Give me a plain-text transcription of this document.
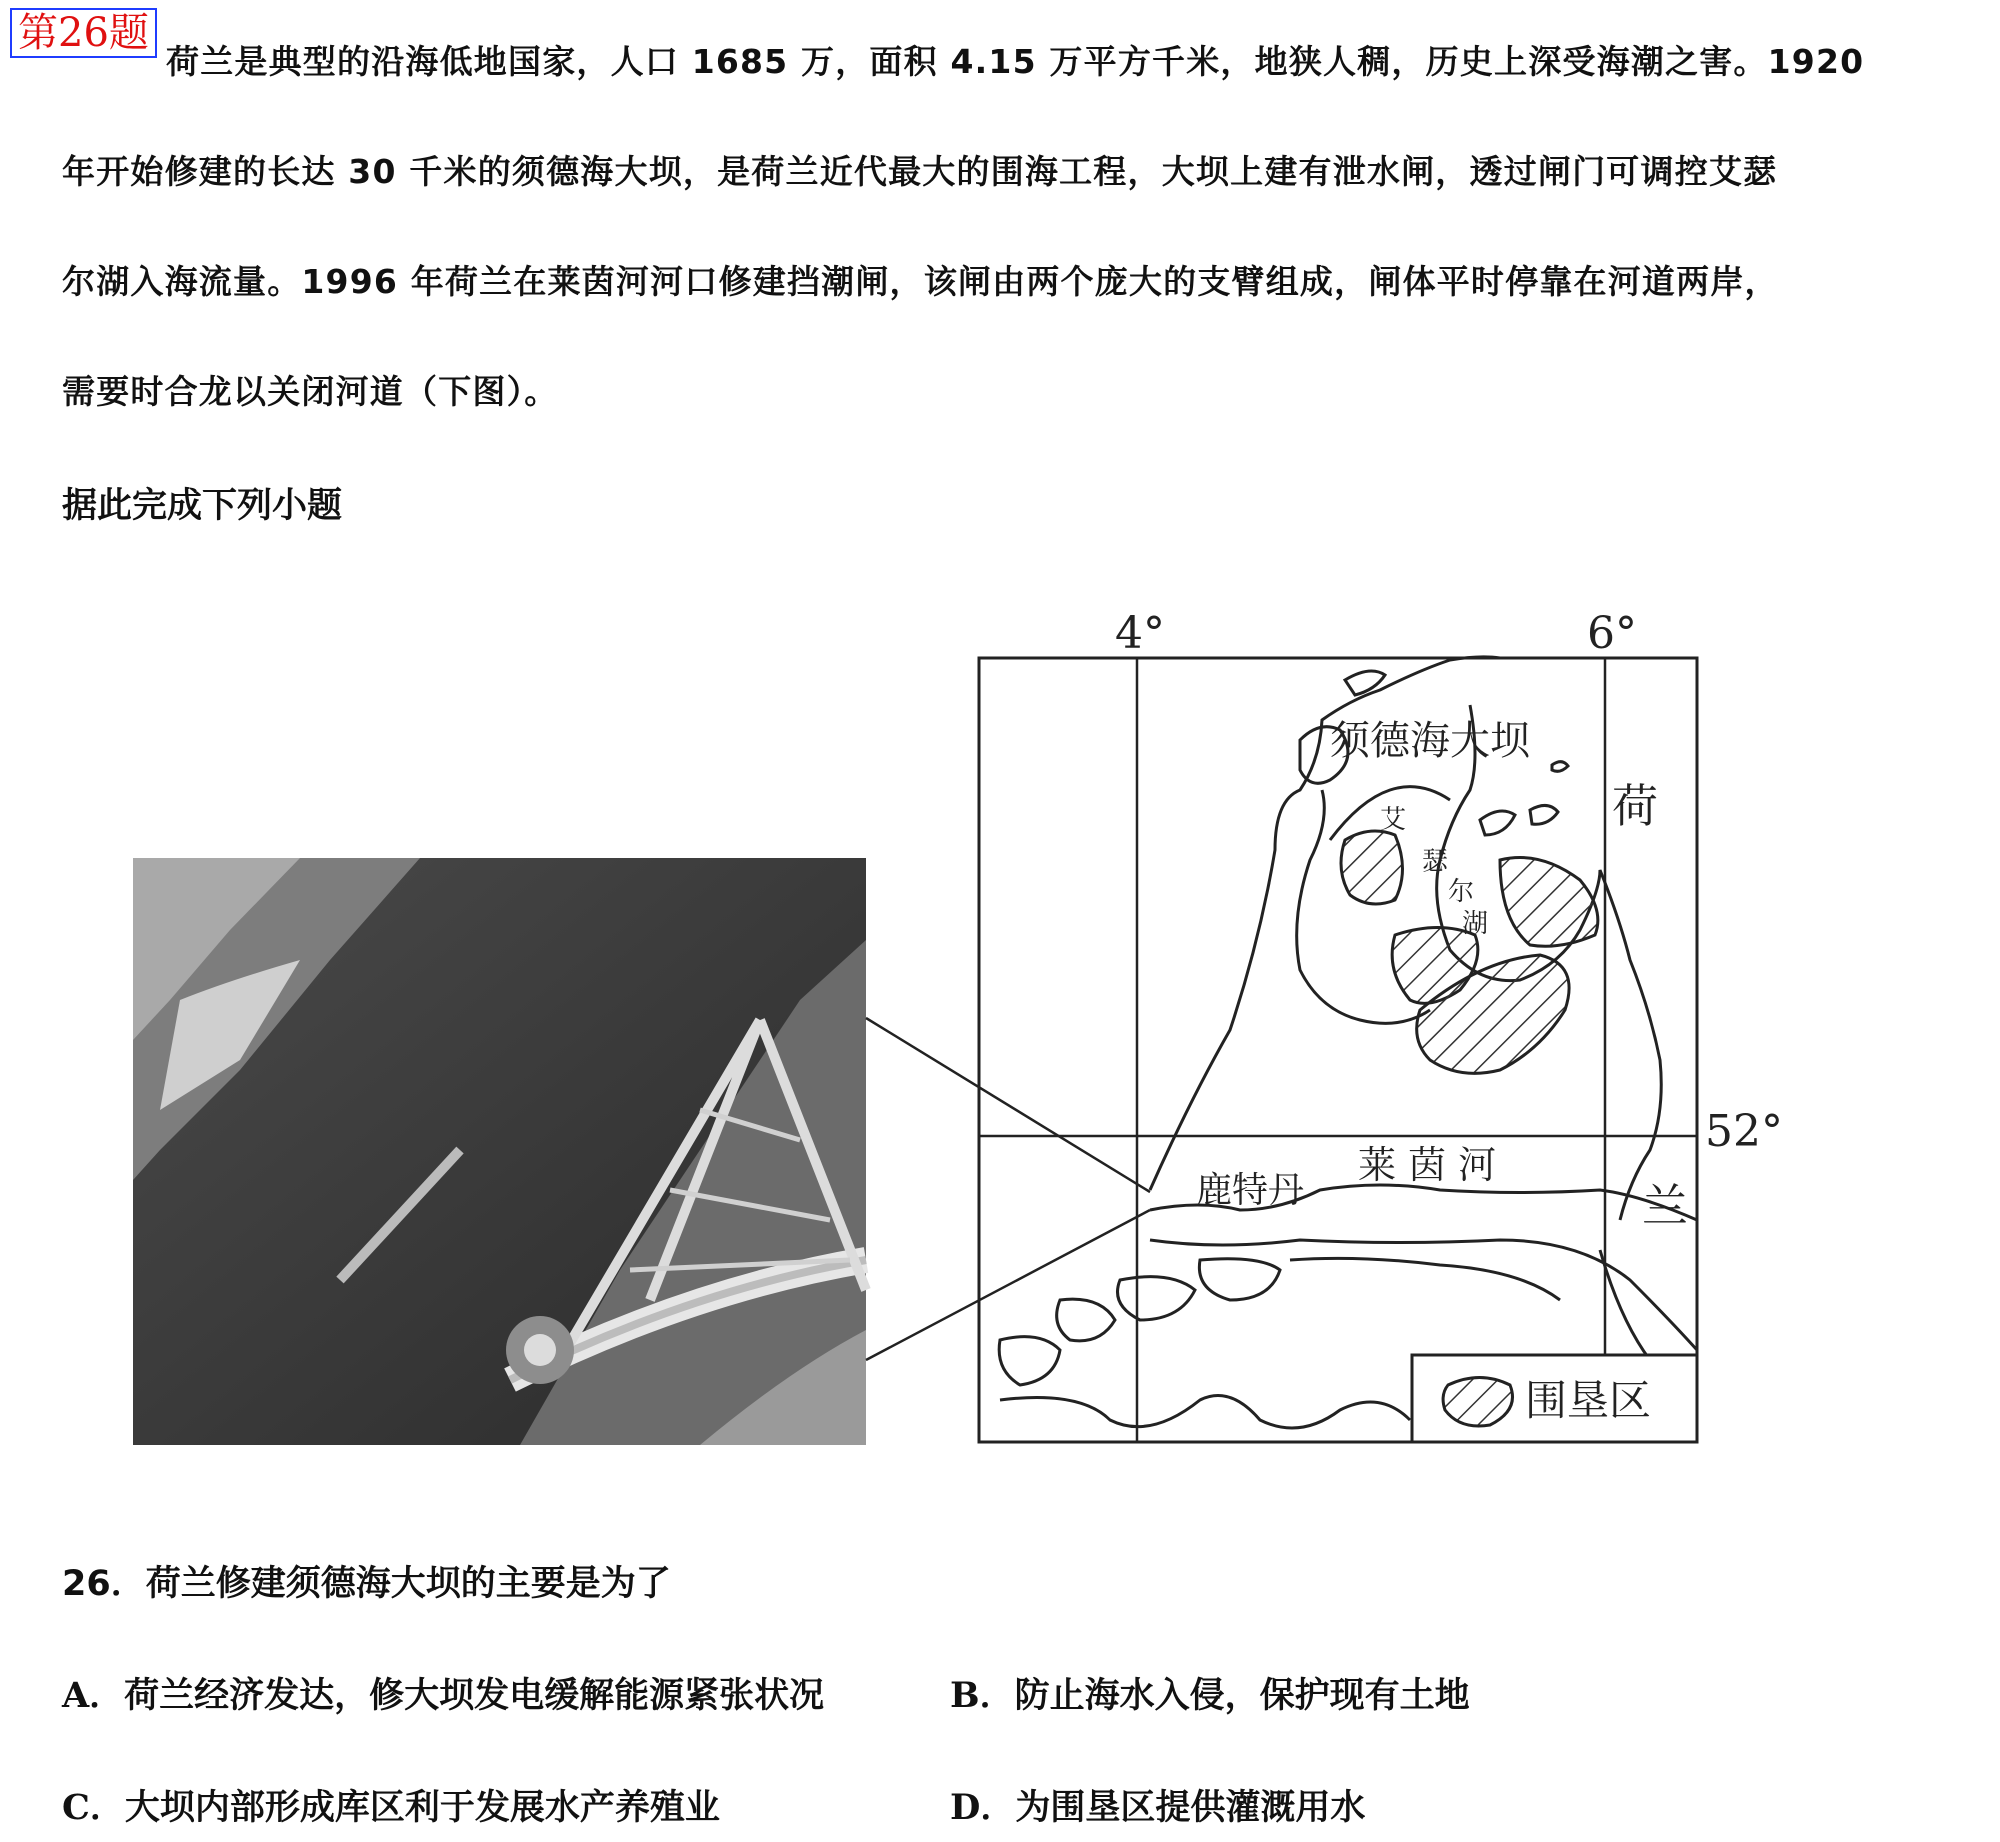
第26题
荷兰是典型的沿海低地国家，人口 1685 万，面积 4.15 万平方千米，地狭人稠，历史上深受海潮之害。1920
年开始修建的长达 30 千米的须德海大坝，是荷兰近代最大的围海工程，大坝上建有泄水闸，透过闸门可调控艾瑟
尔湖入海流量。1996 年荷兰在莱茵河河口修建挡潮闸，该闸由两个庞大的支臂组成，闸体平时停靠在河道两岸，
需要时合龙以关闭河道（下图）。
据此完成下列小题
4°	6°
52°
须德海大坝
艾
瑟
尔
湖
荷
兰
莱 茵 河
鹿特丹
围垦区
26．荷兰修建须德海大坝的主要是为了
A．荷兰经济发达，修大坝发电缓解能源紧张状况	B．防止海水入侵，保护现有土地
C．大坝内部形成库区利于发展水产养殖业	D．为围垦区提供灌溉用水
